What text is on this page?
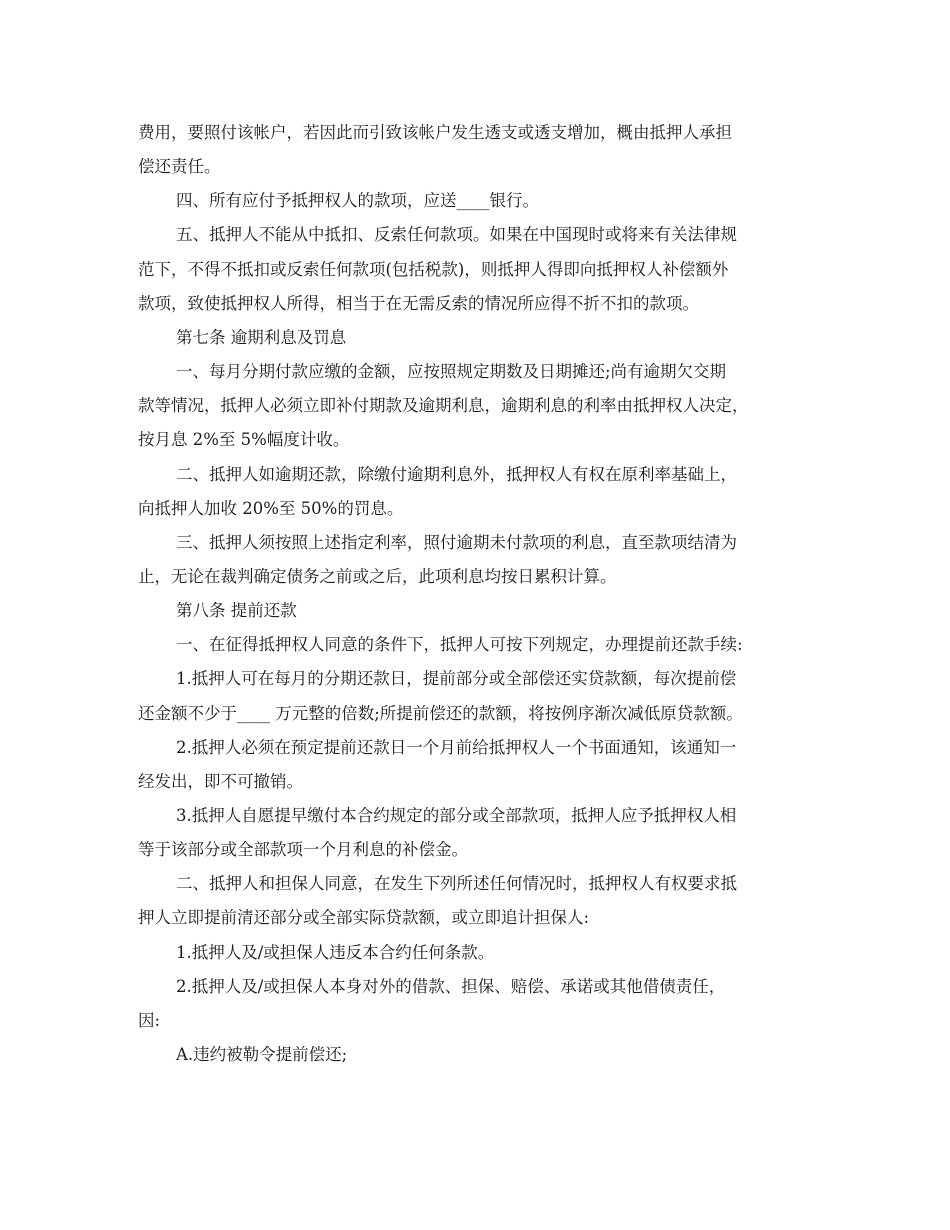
费用，要照付该帐户，若因此而引致该帐户发生透支或透支增加，概由抵押人承担
偿还责任。
四、所有应付予抵押权人的款项，应送____银行。
五、抵押人不能从中抵扣、反索任何款项。如果在中国现时或将来有关法律规
范下，不得不抵扣或反索任何款项(包括税款)，则抵押人得即向抵押权人补偿额外
款项，致使抵押权人所得，相当于在无需反索的情况所应得不折不扣的款项。
第七条 逾期利息及罚息
一、每月分期付款应缴的金额，应按照规定期数及日期摊还;尚有逾期欠交期
款等情况，抵押人必须立即补付期款及逾期利息，逾期利息的利率由抵押权人决定，
按月息 2%至 5%幅度计收。
二、抵押人如逾期还款，除缴付逾期利息外，抵押权人有权在原利率基础上，
向抵押人加收 20%至 50%的罚息。
三、抵押人须按照上述指定利率，照付逾期未付款项的利息，直至款项结清为
止，无论在裁判确定债务之前或之后，此项利息均按日累积计算。
第八条 提前还款
一、在征得抵押权人同意的条件下，抵押人可按下列规定，办理提前还款手续:
1.抵押人可在每月的分期还款日，提前部分或全部偿还实贷款额，每次提前偿
还金额不少于____ 万元整的倍数;所提前偿还的款额，将按例序渐次减低原贷款额。
2.抵押人必须在预定提前还款日一个月前给抵押权人一个书面通知，该通知一
经发出，即不可撤销。
3.抵押人自愿提早缴付本合约规定的部分或全部款项，抵押人应予抵押权人相
等于该部分或全部款项一个月利息的补偿金。
二、抵押人和担保人同意，在发生下列所述任何情况时，抵押权人有权要求抵
押人立即提前清还部分或全部实际贷款额，或立即追计担保人:
1.抵押人及/或担保人违反本合约任何条款。
2.抵押人及/或担保人本身对外的借款、担保、赔偿、承诺或其他借债责任，
因:
A.违约被勒令提前偿还;
